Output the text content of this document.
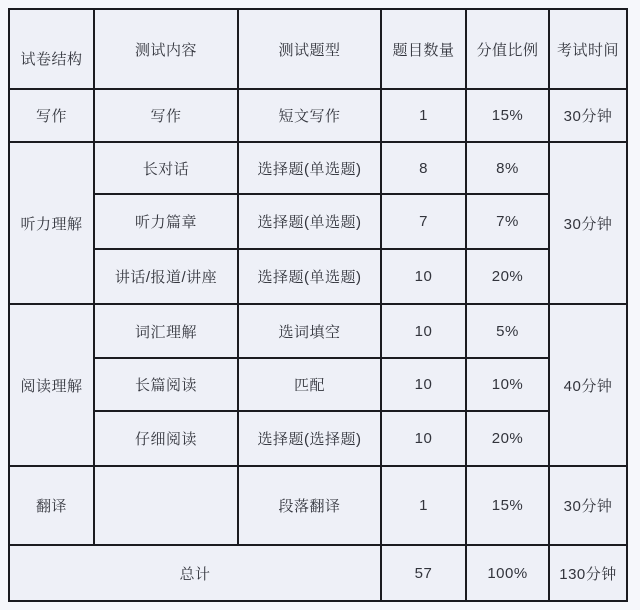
试卷结构	测试内容	测试题型	题目数量	分值比例	考试时间
写作	写作	短文写作	1	15%	30分钟
听力理解	长对话	选择题(单选题)	8	8%	30分钟
	听力篇章	选择题(单选题)	7	7%	
	讲话/报道/讲座	选择题(单选题)	10	20%	
阅读理解	词汇理解	选词填空	10	5%	40分钟
	长篇阅读	匹配	10	10%	
	仔细阅读	选择题(选择题)	10	20%	
翻译		段落翻译	1	15%	30分钟
总计			57	100%	130分钟
